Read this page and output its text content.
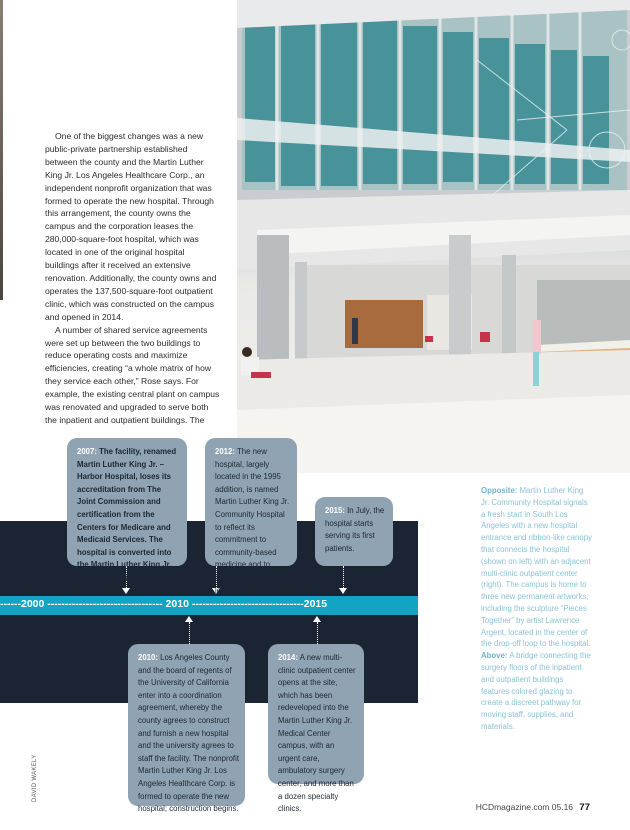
One of the biggest changes was a new public-private partnership established between the county and the Martin Luther King Jr. Los Angeles Healthcare Corp., an independent nonprofit organization that was formed to operate the new hospital. Through this arrangement, the county owns the campus and the corporation leases the 280,000-square-foot hospital, which was located in one of the original hospital buildings after it received an extensive renovation. Additionally, the county owns and operates the 137,500-square-foot outpatient clinic, which was constructed on the campus and opened in 2014.

A number of shared service agreements were set up between the two buildings to reduce operating costs and maximize efficiencies, creating “a whole matrix of how they service each other,” Rose says. For example, the existing central plant on campus was renovated and upgraded to serve both the inpatient and outpatient buildings. The

------2000 --------------------------------- 2010 --------------------------------2015
2007: The facility, renamed Martin Luther King Jr. – Harbor Hospital, loses its accreditation from The Joint Commission and certification from the Centers for Medicare and Medicaid Services. The hospital is converted into the Martin Luther King Jr. Outpatient Center.
2012: The new hospital, largely located in the 1995 addition, is named Martin Luther King Jr. Community Hospital to reflect its commitment to community-based medicine and to honor the civil rights leader.
2015: In July, the hospital starts serving its first patients.
2010: Los Angeles County and the board of regents of the University of California enter into a coordination agreement, whereby the county agrees to construct and furnish a new hospital and the university agrees to staff the facility. The nonprofit Martin Luther King Jr. Los Angeles Healthcare Corp. is formed to operate the new hospital; construction begins.
2014: A new multi-clinic outpatient center opens at the site, which has been redeveloped into the Martin Luther King Jr. Medical Center campus, with an urgent care, ambulatory surgery center, and more than a dozen specialty clinics.
Opposite: Martin Luther King Jr. Community Hospital signals a fresh start in South Los Angeles with a new hospital entrance and ribbon-like canopy that connects the hospital (shown on left) with an adjacent multi-clinic outpatient center (right). The campus is home to three new permanent artworks, including the sculpture “Pieces Together” by artist Lawrence Argent, located in the center of the drop-off loop to the hospital. Above: A bridge connecting the surgery floors of the inpatient and outpatient buildings features colored glazing to create a discreet pathway for moving staff, supplies, and materials.
DAVID WAKELY
HCDmagazine.com 05.16 77
